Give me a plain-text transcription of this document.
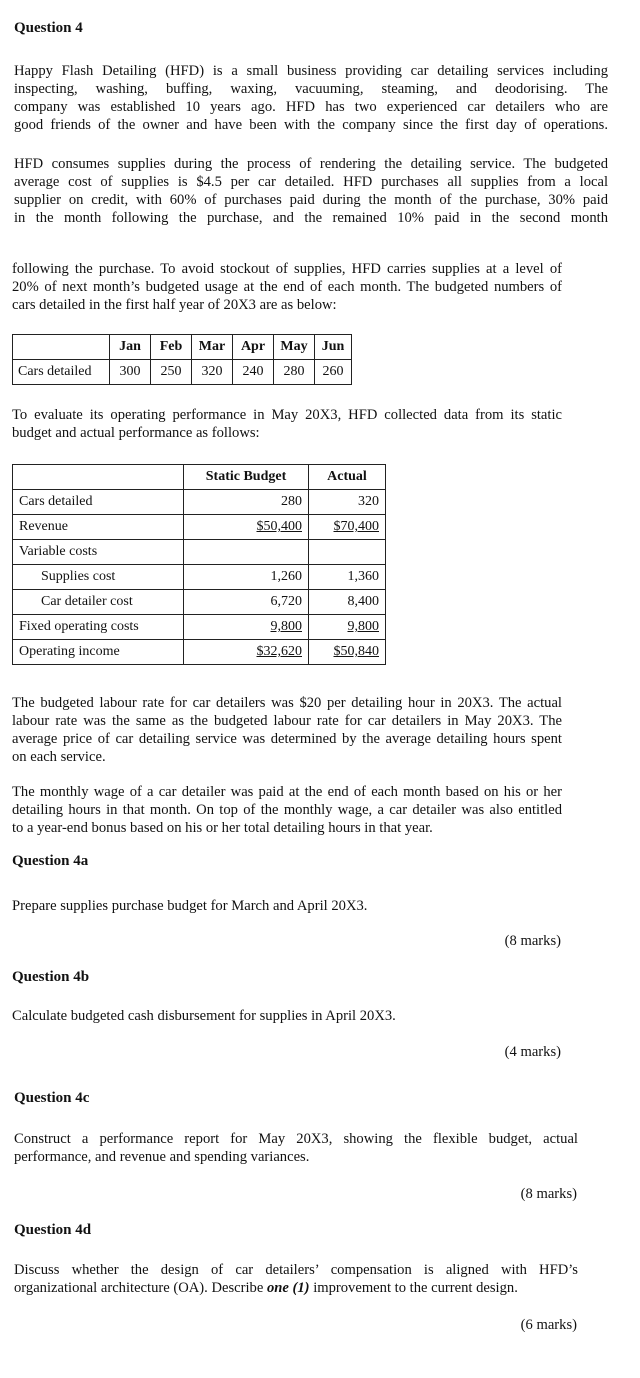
Question 4
Happy Flash Detailing (HFD) is a small business providing car detailing services including
inspecting, washing, buffing, waxing, vacuuming, steaming, and deodorising. The
company was established 10 years ago. HFD has two experienced car detailers who are
good friends of the owner and have been with the company since the first day of operations.
HFD consumes supplies during the process of rendering the detailing service. The budgeted
average cost of supplies is $4.5 per car detailed. HFD purchases all supplies from a local
supplier on credit, with 60% of purchases paid during the month of the purchase, 30% paid
in the month following the purchase, and the remained 10% paid in the second month
following the purchase. To avoid stockout of supplies, HFD carries supplies at a level of
20% of next month’s budgeted usage at the end of each month. The budgeted numbers of
cars detailed in the first half year of 20X3 are as below:
	Jan	Feb	Mar	Apr	May	Jun
Cars detailed	300	250	320	240	280	260
To evaluate its operating performance in May 20X3, HFD collected data from its static
budget and actual performance as follows:
	Static Budget	Actual
Cars detailed	280	320
Revenue	$50,400	$70,400
Variable costs		
Supplies cost	1,260	1,360
Car detailer cost	6,720	8,400
Fixed operating costs	9,800	9,800
Operating income	$32,620	$50,840
The budgeted labour rate for car detailers was $20 per detailing hour in 20X3. The actual
labour rate was the same as the budgeted labour rate for car detailers in May 20X3. The
average price of car detailing service was determined by the average detailing hours spent
on each service.
The monthly wage of a car detailer was paid at the end of each month based on his or her
detailing hours in that month. On top of the monthly wage, a car detailer was also entitled
to a year-end bonus based on his or her total detailing hours in that year.
Question 4a
Prepare supplies purchase budget for March and April 20X3.
(8 marks)
Question 4b
Calculate budgeted cash disbursement for supplies in April 20X3.
(4 marks)
Question 4c
Construct a performance report for May 20X3, showing the flexible budget, actual
performance, and revenue and spending variances.
(8 marks)
Question 4d
Discuss whether the design of car detailers’ compensation is aligned with HFD’s
organizational architecture (OA). Describe one (1) improvement to the current design.
(6 marks)
